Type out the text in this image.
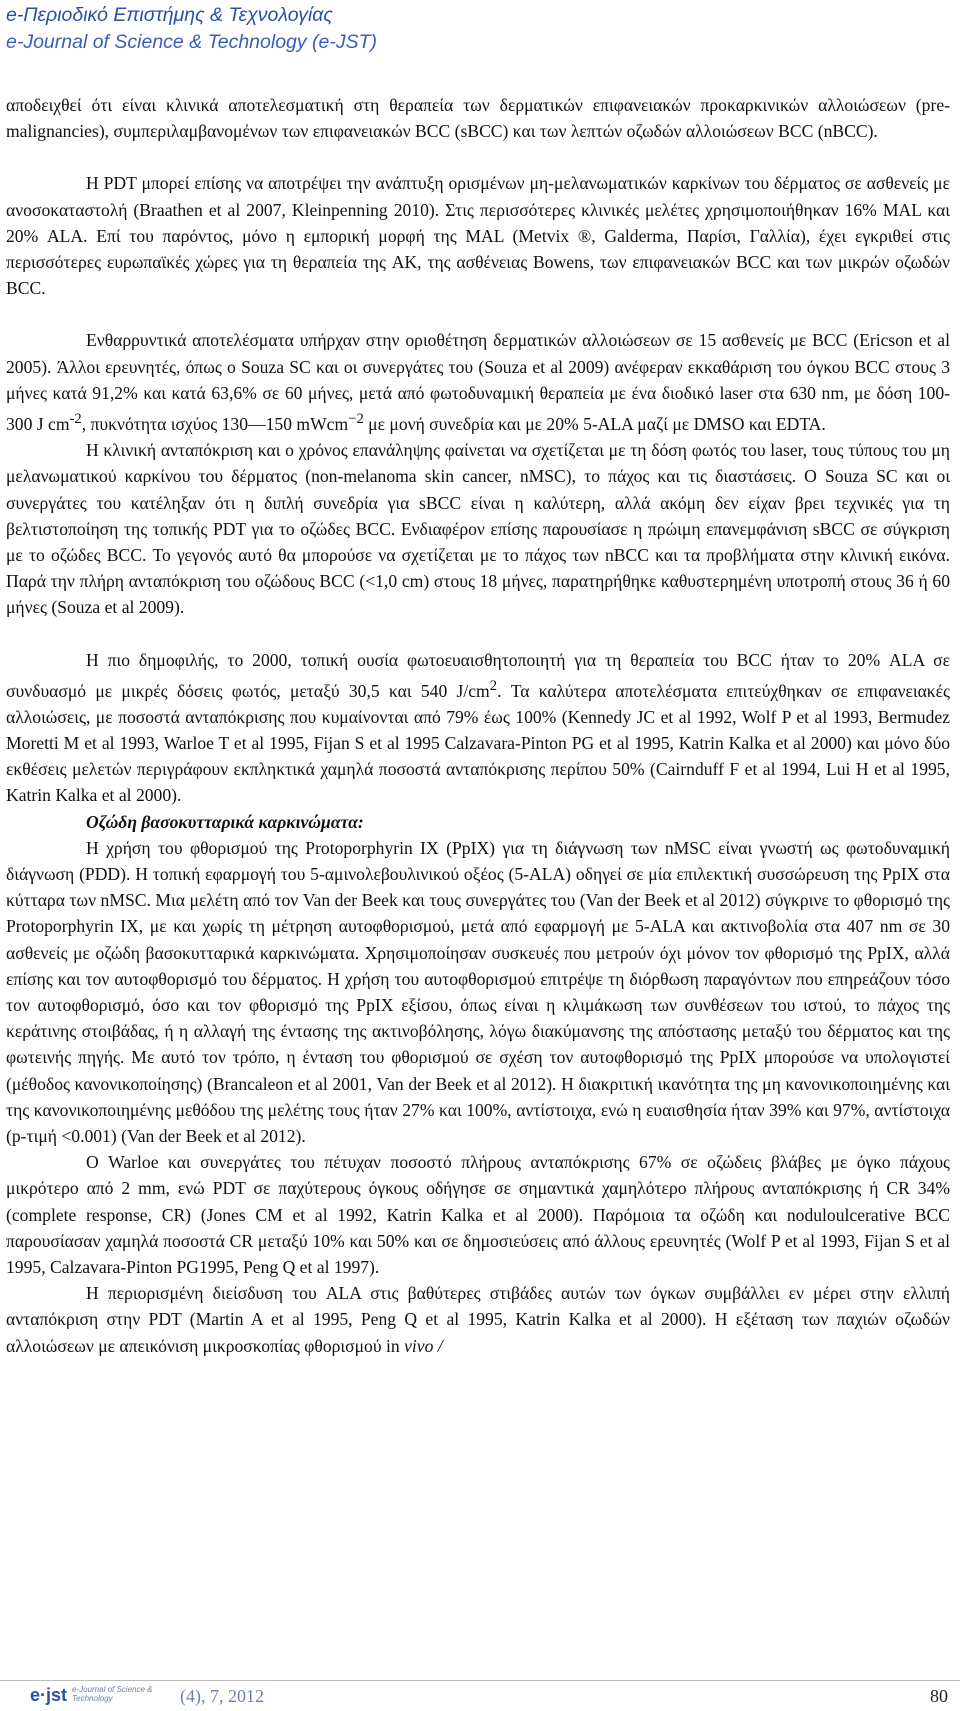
e-Περιοδικό Επιστήμης & Τεχνολογίας
e-Journal of Science & Technology (e-JST)

αποδειχθεί ότι είναι κλινικά αποτελεσματική στη θεραπεία των δερματικών επιφανειακών προκαρκινικών αλλοιώσεων (pre-malignancies), συμπεριλαμβανομένων των επιφανειακών BCC (sBCC) και των λεπτών οζωδών αλλοιώσεων BCC (nBCC).

Η PDT μπορεί επίσης να αποτρέψει την ανάπτυξη ορισμένων μη-μελανωματικών καρκίνων του δέρματος σε ασθενείς με ανοσοκαταστολή (Braathen et al 2007, Kleinpenning 2010). Στις περισσότερες κλινικές μελέτες χρησιμοποιήθηκαν 16% MAL και 20% ALA. Επί του παρόντος, μόνο η εμπορική μορφή της MAL (Metvix ®, Galderma, Παρίσι, Γαλλία), έχει εγκριθεί στις περισσότερες ευρωπαϊκές χώρες για τη θεραπεία της AK, της ασθένειας Bowens, των επιφανειακών BCC και των μικρών οζωδών BCC.

Ενθαρρυντικά αποτελέσματα υπήρχαν στην οριοθέτηση δερματικών αλλοιώσεων σε 15 ασθενείς με BCC (Ericson et al 2005). Άλλοι ερευνητές, όπως ο Souza SC και οι συνεργάτες του (Souza et al 2009) ανέφεραν εκκαθάριση του όγκου BCC στους 3 μήνες κατά 91,2% και κατά 63,6% σε 60 μήνες, μετά από φωτοδυναμική θεραπεία με ένα διοδικό laser στα 630 nm, με δόση 100-300 J $cm^{-2}$, πυκνότητα ισχύος 130—150 mWcm$^{-2}$ με μονή συνεδρία και με 20% 5-ALA μαζί με DMSO και EDTA.

Η κλινική ανταπόκριση και ο χρόνος επανάληψης φαίνεται να σχετίζεται με τη δόση φωτός του laser, τους τύπους του μη μελανωματικού καρκίνου του δέρματος (non-melanoma skin cancer, nMSC), το πάχος και τις διαστάσεις. Ο Souza SC και οι συνεργάτες του κατέληξαν ότι η διπλή συνεδρία για sBCC είναι η καλύτερη, αλλά ακόμη δεν είχαν βρει τεχνικές για τη βελτιστοποίηση της τοπικής PDT για το οζώδες BCC. Ενδιαφέρον επίσης παρουσίασε η πρώιμη επανεμφάνιση sBCC σε σύγκριση με το οζώδες BCC. Το γεγονός αυτό θα μπορούσε να σχετίζεται με το πάχος των nBCC και τα προβλήματα στην κλινική εικόνα. Παρά την πλήρη ανταπόκριση του οζώδους BCC (<1,0 cm) στους 18 μήνες, παρατηρήθηκε καθυστερημένη υποτροπή στους 36 ή 60 μήνες (Souza et al 2009).

Η πιο δημοφιλής, το 2000, τοπική ουσία φωτοευαισθητοποιητή για τη θεραπεία του BCC ήταν το 20% ALA σε συνδυασμό με μικρές δόσεις φωτός, μεταξύ 30,5 και 540 $J/cm^2$. Τα καλύτερα αποτελέσματα επιτεύχθηκαν σε επιφανειακές αλλοιώσεις, με ποσοστά ανταπόκρισης που κυμαίνονται από 79% έως 100% (Kennedy JC et al 1992, Wolf P et al 1993, Bermudez Moretti M et al 1993, Warloe T et al 1995, Fijan S et al 1995 Calzavara-Pinton PG et al 1995, Katrin Kalka et al 2000) και μόνο δύο εκθέσεις μελετών περιγράφουν εκπληκτικά χαμηλά ποσοστά ανταπόκρισης περίπου 50% (Cairnduff F et al 1994, Lui H et al 1995, Katrin Kalka et al 2000).

Οζώδη βασοκυτταρικά καρκινώματα:

Η χρήση του φθορισμού της Protoporphyrin IX (PpIX) για τη διάγνωση των nMSC είναι γνωστή ως φωτοδυναμική διάγνωση (PDD). Η τοπική εφαρμογή του 5-αμινολεβουλινικού οξέος (5-ALA) οδηγεί σε μία επιλεκτική συσσώρευση της PpIX στα κύτταρα των nMSC. Μια μελέτη από τον Van der Beek και τους συνεργάτες του (Van der Beek et al 2012) σύγκρινε το φθορισμό της Protoporphyrin IX, με και χωρίς τη μέτρηση αυτοφθορισμού, μετά από εφαρμογή με 5-ALA και ακτινοβολία στα 407 nm σε 30 ασθενείς με οζώδη βασοκυτταρικά καρκινώματα. Χρησιμοποίησαν συσκευές που μετρούν όχι μόνον τον φθορισμό της PpIX, αλλά επίσης και τον αυτοφθορισμό του δέρματος. Η χρήση του αυτοφθορισμού επιτρέψε τη διόρθωση παραγόντων που επηρεάζουν τόσο τον αυτοφθορισμό, όσο και τον φθορισμό της PpIX εξίσου, όπως είναι η κλιμάκωση των συνθέσεων του ιστού, το πάχος της κεράτινης στοιβάδας, ή η αλλαγή της έντασης της ακτινοβόλησης, λόγω διακύμανσης της απόστασης μεταξύ του δέρματος και της φωτεινής πηγής. Με αυτό τον τρόπο, η ένταση του φθορισμού σε σχέση τον αυτοφθορισμό της PpIX μπορούσε να υπολογιστεί (μέθοδος κανονικοποίησης) (Brancaleon et al 2001, Van der Beek et al 2012). Η διακριτική ικανότητα της μη κανονικοποιημένης και της κανονικοποιημένης μεθόδου της μελέτης τους ήταν 27% και 100%, αντίστοιχα, ενώ η ευαισθησία ήταν 39% και 97%, αντίστοιχα (p-τιμή <0.001) (Van der Beek et al 2012).

Ο Warloe και συνεργάτες του πέτυχαν ποσοστό πλήρους ανταπόκρισης 67% σε οζώδεις βλάβες με όγκο πάχους μικρότερο από 2 mm, ενώ PDT σε παχύτερους όγκους οδήγησε σε σημαντικά χαμηλότερο πλήρους ανταπόκρισης ή CR 34% (complete response, CR) (Jones CM et al 1992, Katrin Kalka et al 2000). Παρόμοια τα οζώδη και noduloulcerative BCC παρουσίασαν χαμηλά ποσοστά CR μεταξύ 10% και 50% και σε δημοσιεύσεις από άλλους ερευνητές (Wolf P et al 1993, Fijan S et al 1995, Calzavara-Pinton PG1995, Peng Q et al 1997).

Η περιορισμένη διείσδυση του ALA στις βαθύτερες στιβάδες αυτών των όγκων συμβάλλει εν μέρει στην ελλιπή ανταπόκριση στην PDT (Martin A et al 1995, Peng Q et al 1995, Katrin Kalka et al 2000). Η εξέταση των παχιών οζωδών αλλοιώσεων με απεικόνιση μικροσκοπίας φθορισμού in vivo /

e·jst e-Journal of Science & Technology	(4), 7, 2012	80
